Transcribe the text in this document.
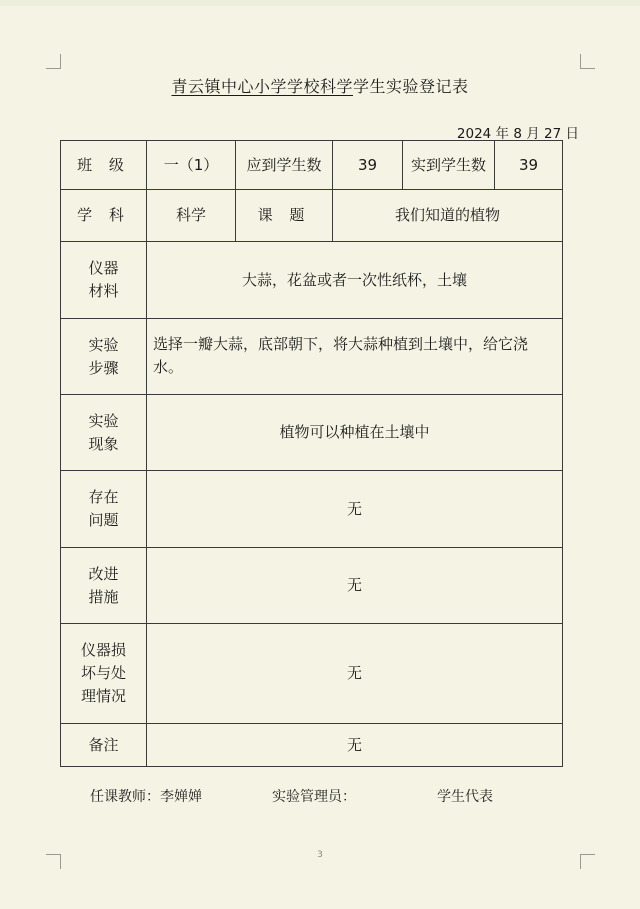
青云镇中心小学学校科学学生实验登记表
2024 年 8 月 27 日
班 级	一（1）	应到学生数	39	实到学生数	39
学 科	科学	课 题	我们知道的植物		

仪器
材料	大蒜，花盆或者一次性纸杯，土壤				

实验
步骤	选择一瓣大蒜，底部朝下，将大蒜种植到土壤中，给它浇水。				

实验
现象	植物可以种植在土壤中				

存在
问题	无				

改进
措施	无				

仪器损
坏与处
理情况	无				
备注	无				
任课教师：李婵婵	实验管理员：	学生代表
3
